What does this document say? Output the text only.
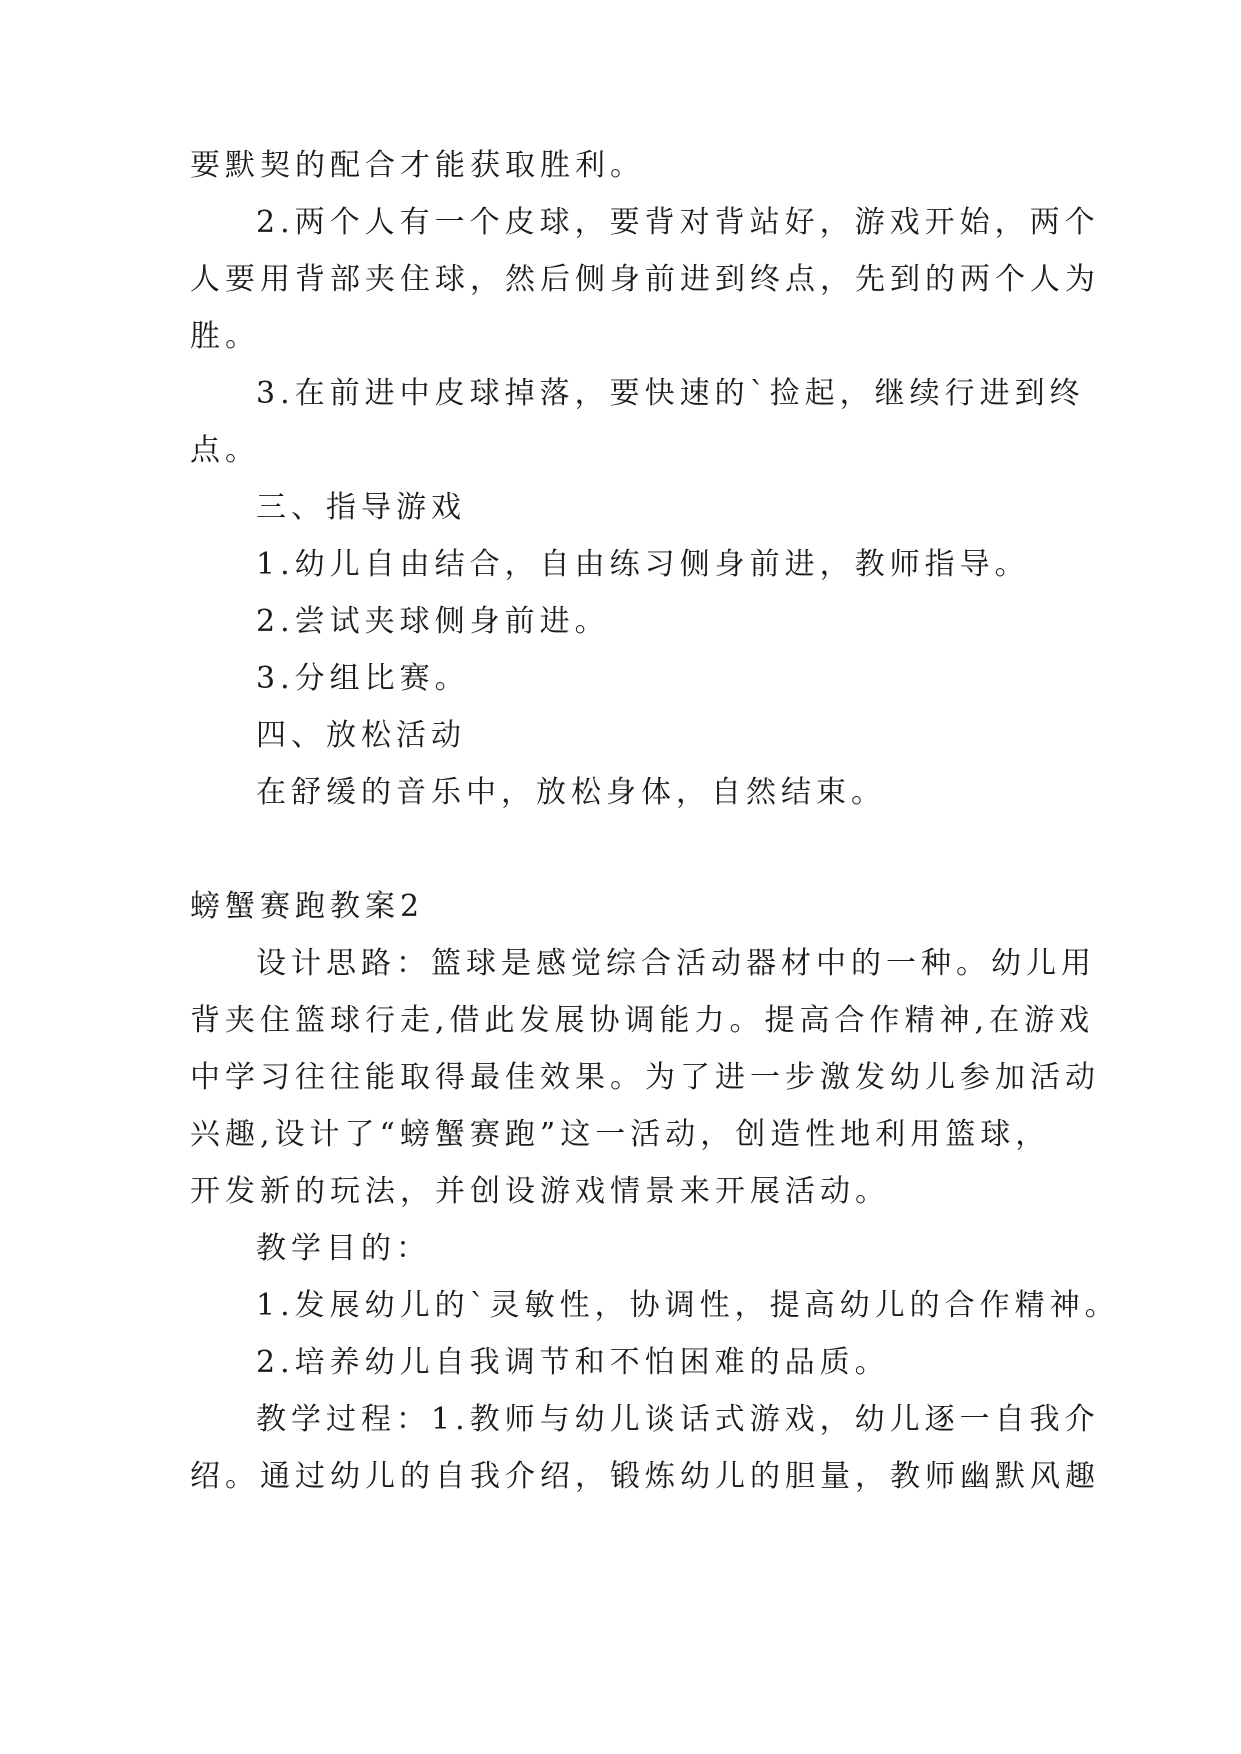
要默契的配合才能获取胜利。
2.两个人有一个皮球，要背对背站好，游戏开始，两个
人要用背部夹住球，然后侧身前进到终点，先到的两个人为
胜。
3.在前进中皮球掉落，要快速的`捡起，继续行进到终
点。
三、指导游戏
1.幼儿自由结合，自由练习侧身前进，教师指导。
2.尝试夹球侧身前进。
3.分组比赛。
四、放松活动
在舒缓的音乐中，放松身体，自然结束。
螃蟹赛跑教案2
设计思路：篮球是感觉综合活动器材中的一种。幼儿用
背夹住篮球行走,借此发展协调能力。提高合作精神,在游戏
中学习往往能取得最佳效果。为了进一步激发幼儿参加活动
兴趣,设计了“螃蟹赛跑”这一活动，创造性地利用篮球，
开发新的玩法，并创设游戏情景来开展活动。
教学目的：
1.发展幼儿的`灵敏性，协调性，提高幼儿的合作精神。
2.培养幼儿自我调节和不怕困难的品质。
教学过程：1.教师与幼儿谈话式游戏，幼儿逐一自我介
绍。通过幼儿的自我介绍，锻炼幼儿的胆量，教师幽默风趣
